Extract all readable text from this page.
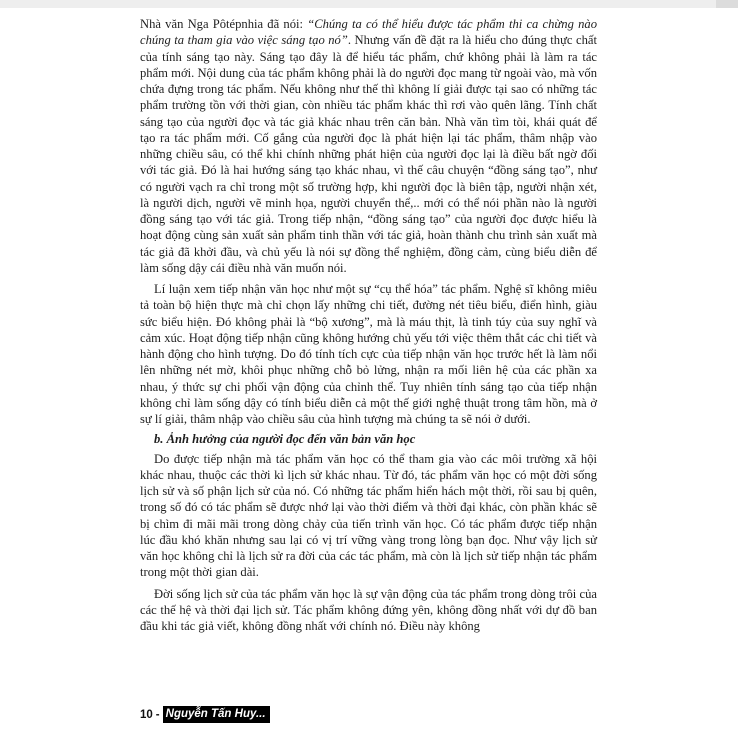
Nhà văn Nga Pôtépnhia đã nói: “Chúng ta có thể hiểu được tác phẩm thi ca chừng nào chúng ta tham gia vào việc sáng tạo nó”. Nhưng vấn đề đặt ra là hiểu cho đúng thực chất của tính sáng tạo này. Sáng tạo đây là để hiểu tác phẩm, chứ không phải là làm ra tác phẩm mới. Nội dung của tác phẩm không phải là do người đọc mang từ ngoài vào, mà vốn chứa đựng trong tác phẩm. Nếu không như thế thì không lí giải được tại sao có những tác phẩm trường tồn với thời gian, còn nhiều tác phẩm khác thì rơi vào quên lãng. Tính chất sáng tạo của người đọc và tác giả khác nhau trên căn bản. Nhà văn tìm tòi, khái quát để tạo ra tác phẩm mới. Cố gắng của người đọc là phát hiện lại tác phẩm, thâm nhập vào những chiều sâu, có thể khi chính những phát hiện của người đọc lại là điều bất ngờ đối với tác giả. Đó là hai hướng sáng tạo khác nhau, vì thế câu chuyện “đồng sáng tạo”, như có người vạch ra chỉ trong một số trường hợp, khi người đọc là biên tập, người nhận xét, là người dịch, người vẽ minh họa, người chuyển thể,.. mới có thể nói phần nào là người đồng sáng tạo với tác giả. Trong tiếp nhận, “đồng sáng tạo” của người đọc được hiểu là hoạt động cùng sản xuất sản phẩm tinh thần với tác giả, hoàn thành chu trình sản xuất mà tác giả đã khởi đầu, và chủ yếu là nói sự đồng thể nghiệm, đồng cảm, cùng biểu diễn để làm sống dậy cái điều nhà văn muốn nói.

Lí luận xem tiếp nhận văn học như một sự “cụ thể hóa” tác phẩm. Nghệ sĩ không miêu tả toàn bộ hiện thực mà chỉ chọn lấy những chi tiết, đường nét tiêu biểu, điển hình, giàu sức biểu hiện. Đó không phải là “bộ xương”, mà là máu thịt, là tinh túy của suy nghĩ và cảm xúc. Hoạt động tiếp nhận cũng không hướng chủ yếu tới việc thêm thắt các chi tiết và hành động cho hình tượng. Do đó tính tích cực của tiếp nhận văn học trước hết là làm nổi lên những nét mờ, khôi phục những chỗ bỏ lửng, nhận ra mối liên hệ của các phần xa nhau, ý thức sự chi phối vận động của chỉnh thể. Tuy nhiên tính sáng tạo của tiếp nhận không chỉ làm sống dậy có tính biểu diễn cả một thế giới nghệ thuật trong tâm hồn, mà ở sự lí giải, thâm nhập vào chiều sâu của hình tượng mà chúng ta sẽ nói ở dưới.

b. Ảnh hưởng của người đọc đến văn bản văn học

Do được tiếp nhận mà tác phẩm văn học có thể tham gia vào các môi trường xã hội khác nhau, thuộc các thời kì lịch sử khác nhau. Từ đó, tác phẩm văn học có một đời sống lịch sử và số phận lịch sử của nó. Có những tác phẩm hiển hách một thời, rồi sau bị quên, trong số đó có tác phẩm sẽ được nhớ lại vào thời điểm và thời đại khác, còn phần khác sẽ bị chìm đi mãi mãi trong dòng chảy của tiến trình văn học. Có tác phẩm được tiếp nhận lúc đầu khó khăn nhưng sau lại có vị trí vững vàng trong lòng bạn đọc. Như vậy lịch sử văn học không chỉ là lịch sử ra đời của các tác phẩm, mà còn là lịch sử tiếp nhận tác phẩm trong một thời gian dài.

Đời sống lịch sử của tác phẩm văn học là sự vận động của tác phẩm trong dòng trôi của các thế hệ và thời đại lịch sử. Tác phẩm không đứng yên, không đồng nhất với dự đồ ban đầu khi tác giả viết, không đồng nhất với chính nó. Điều này không

10 - Nguyễn Tấn Huy...
